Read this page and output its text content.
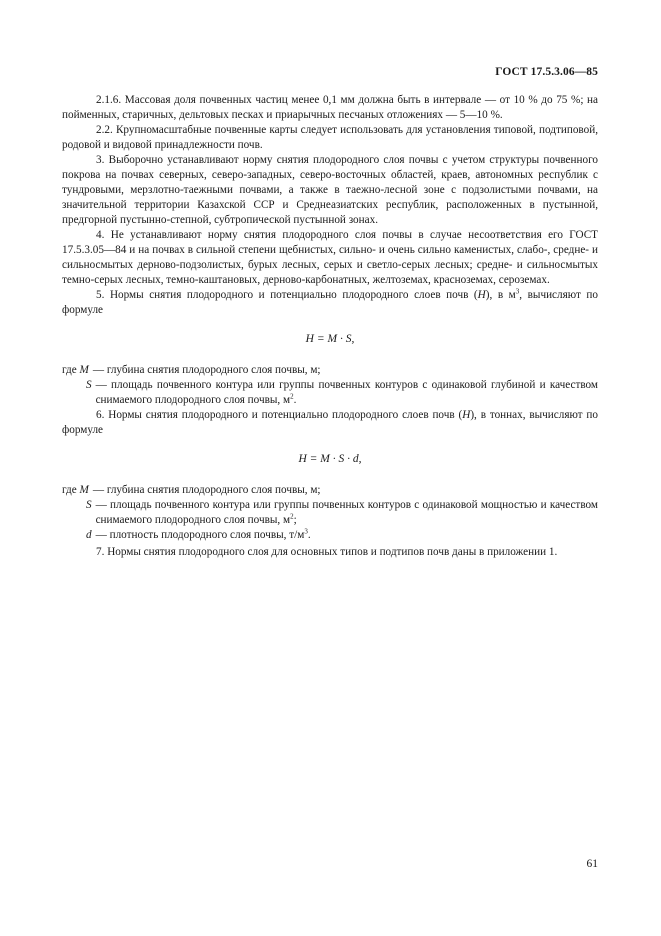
ГОСТ 17.5.3.06—85

2.1.6. Массовая доля почвенных частиц менее 0,1 мм должна быть в интервале — от 10 % до 75 %; на пойменных, старичных, дельтовых песках и приарычных песчаных отложениях — 5—10 %.

2.2. Крупномасштабные почвенные карты следует использовать для установления типовой, подтиповой, родовой и видовой принадлежности почв.

3. Выборочно устанавливают норму снятия плодородного слоя почвы с учетом структуры почвенного покрова на почвах северных, северо-западных, северо-восточных областей, краев, автономных республик с тундровыми, мерзлотно-таежными почвами, а также в таежно-лесной зоне с подзолистыми почвами, на значительной территории Казахской ССР и Среднеазиатских республик, расположенных в пустынной, предгорной пустынно-степной, субтропической пустынной зонах.

4. Не устанавливают норму снятия плодородного слоя почвы в случае несоответствия его ГОСТ 17.5.3.05—84 и на почвах в сильной степени щебнистых, сильно- и очень сильно каменистых, слабо-, средне- и сильносмытых дерново-подзолистых, бурых лесных, серых и светло-серых лесных; средне- и сильносмытых темно-серых лесных, темно-каштановых, дерново-карбонатных, желтоземах, красноземах, сероземах.

5. Нормы снятия плодородного и потенциально плодородного слоев почв (H), в $м^3$, вычисляют по формуле

H = M · S,
где M — глубина снятия плодородного слоя почвы, м;
S — площадь почвенного контура или группы почвенных контуров с одинаковой глубиной и качеством снимаемого плодородного слоя почвы, $м^2$.

6. Нормы снятия плодородного и потенциально плодородного слоев почв (H), в тоннах, вычисляют по формуле

H = M · S · d,
где M — глубина снятия плодородного слоя почвы, м;
S — площадь почвенного контура или группы почвенных контуров с одинаковой мощностью и качеством снимаемого плодородного слоя почвы, $м^2$;
d — плотность плодородного слоя почвы, $т/м^3$.

7. Нормы снятия плодородного слоя для основных типов и подтипов почв даны в приложении 1.

61
